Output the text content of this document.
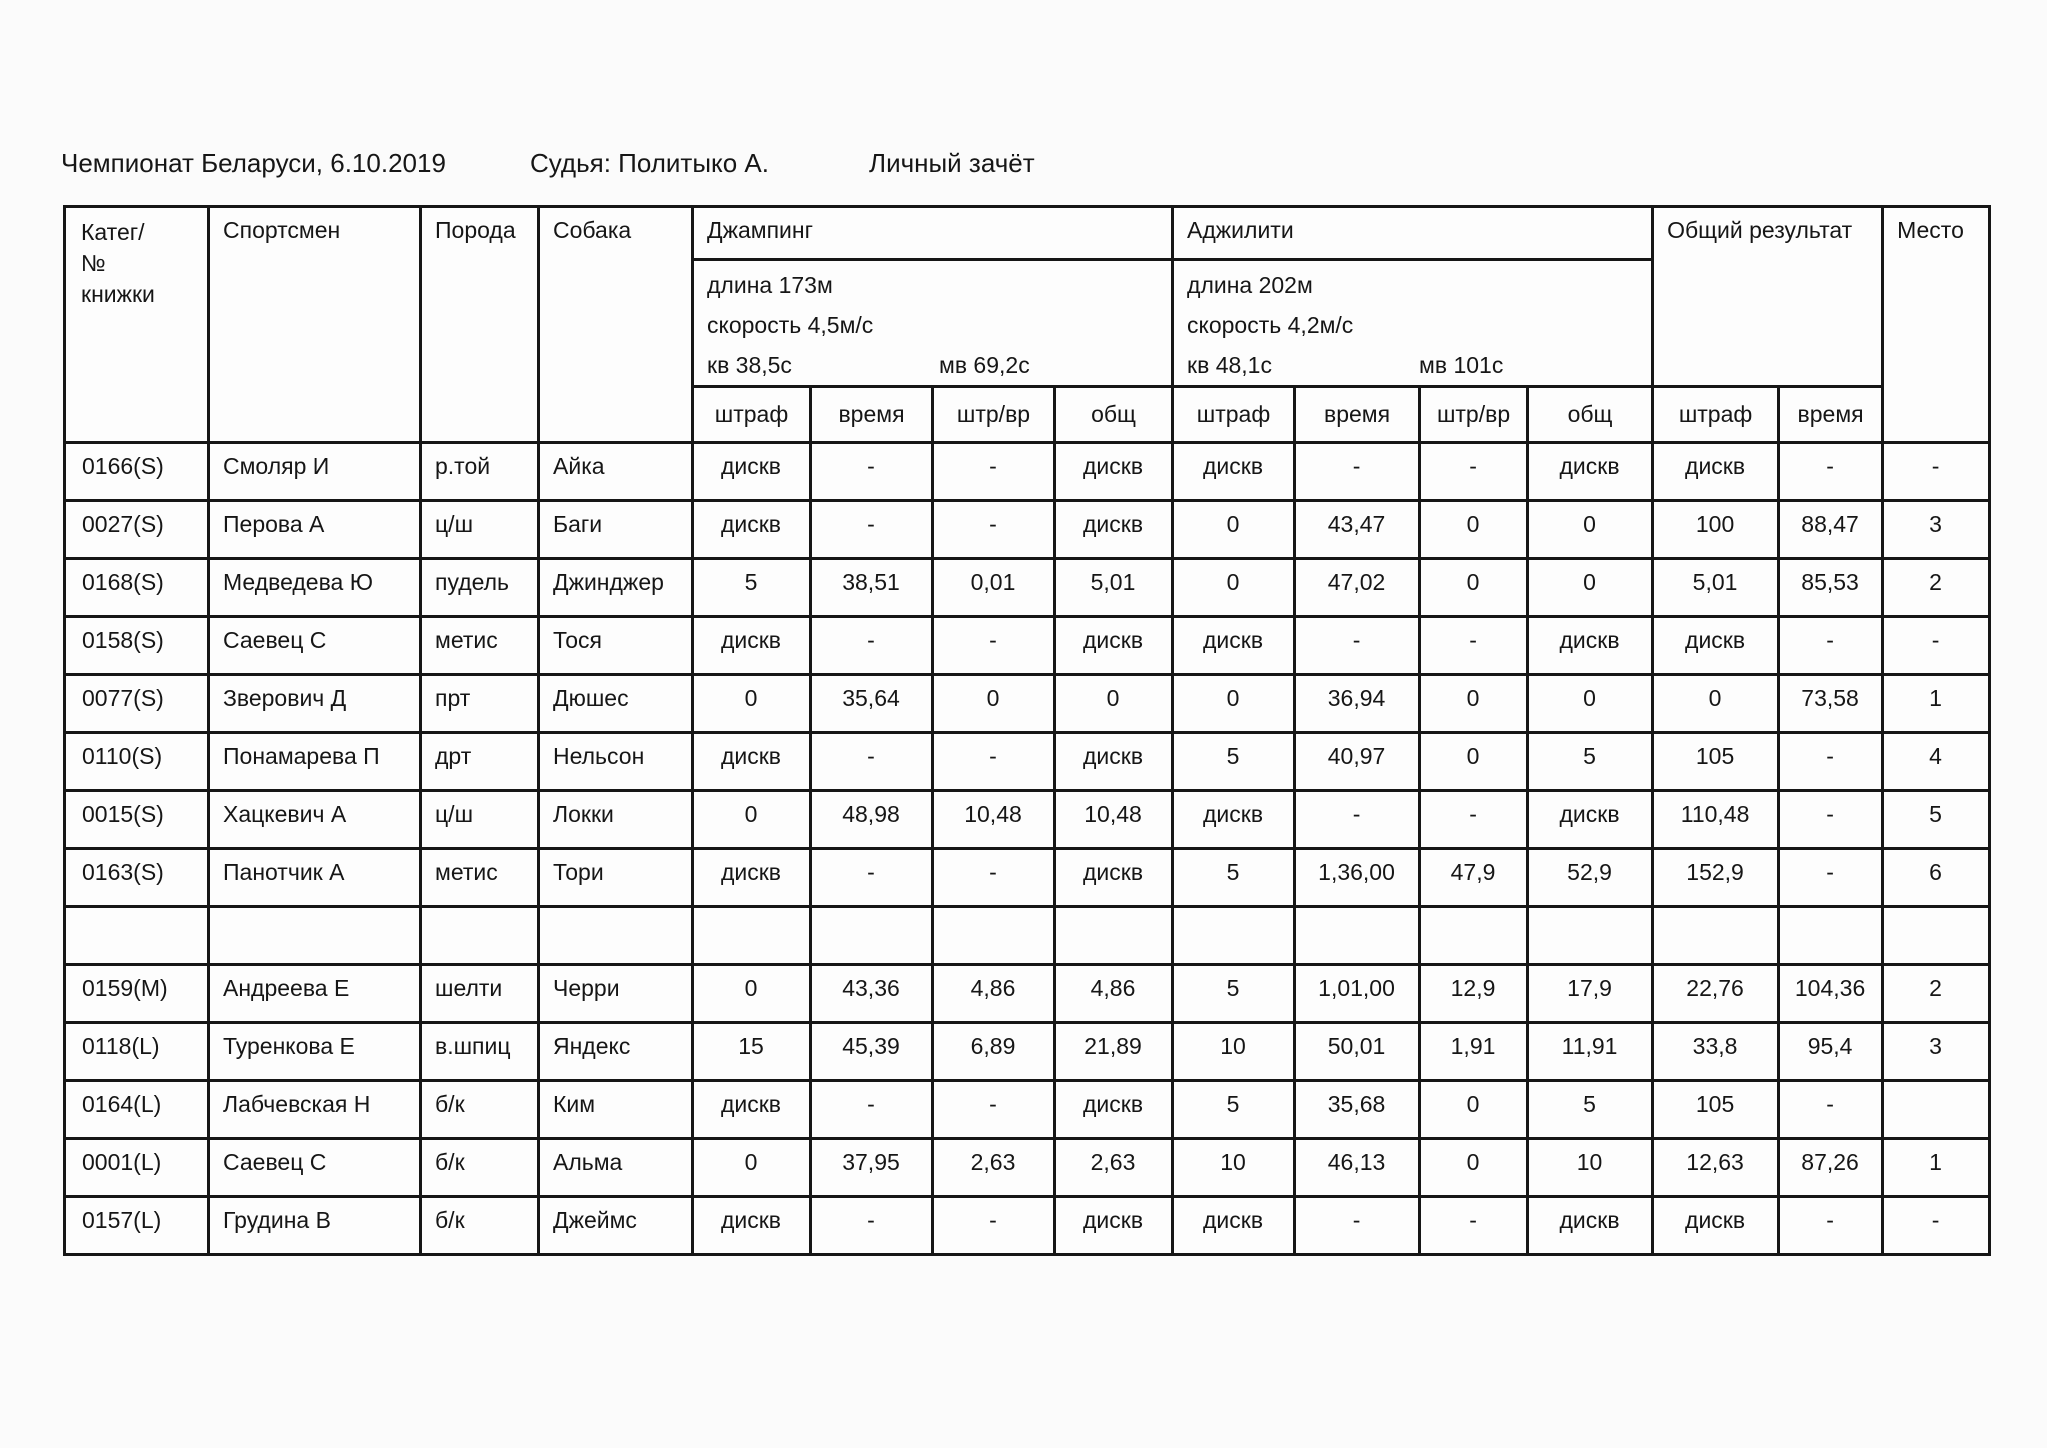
Чемпионат Беларуси, 6.10.2019	Судья: Политыко А.	Личный зачёт
Катег/
№
книжки	Спортсмен	Порода	Собака	Джампинг				Аджилити				Общий результат		Место

				длина 173м
скорость 4,5м/с
кв 38,5с мв 69,2с				длина 202м
скорость 4,2м/с
кв 48,1с мв 101с						

				штраф	время	штр/вр	общ	штраф	время	штр/вр	общ	штраф	время	
0166(S)	Смоляр И	р.той	Айка	дискв	-	-	дискв	дискв	-	-	дискв	дискв	-	-
0027(S)	Перова А	ц/ш	Баги	дискв	-	-	дискв	0	43,47	0	0	100	88,47	3
0168(S)	Медведева Ю	пудель	Джинджер	5	38,51	0,01	5,01	0	47,02	0	0	5,01	85,53	2
0158(S)	Саевец С	метис	Тося	дискв	-	-	дискв	дискв	-	-	дискв	дискв	-	-
0077(S)	Зверович Д	прт	Дюшес	0	35,64	0	0	0	36,94	0	0	0	73,58	1
0110(S)	Понамарева П	дрт	Нельсон	дискв	-	-	дискв	5	40,97	0	5	105	-	4
0015(S)	Хацкевич А	ц/ш	Локки	0	48,98	10,48	10,48	дискв	-	-	дискв	110,48	-	5
0163(S)	Панотчик А	метис	Тори	дискв	-	-	дискв	5	1,36,00	47,9	52,9	152,9	-	6

0159(M)	Андреева Е	шелти	Черри	0	43,36	4,86	4,86	5	1,01,00	12,9	17,9	22,76	104,36	2
0118(L)	Туренкова Е	в.шпиц	Яндекс	15	45,39	6,89	21,89	10	50,01	1,91	11,91	33,8	95,4	3
0164(L)	Лабчевская Н	б/к	Ким	дискв	-	-	дискв	5	35,68	0	5	105	-	
0001(L)	Саевец С	б/к	Альма	0	37,95	2,63	2,63	10	46,13	0	10	12,63	87,26	1
0157(L)	Грудина В	б/к	Джеймс	дискв	-	-	дискв	дискв	-	-	дискв	дискв	-	-
